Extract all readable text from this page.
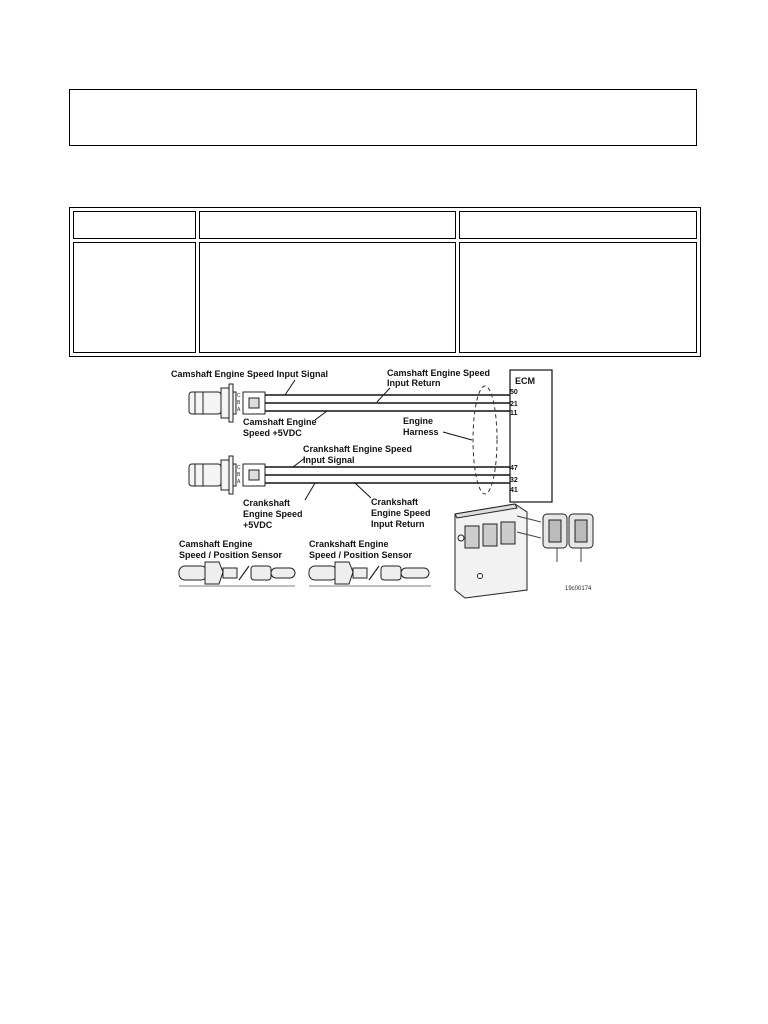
C
B
A
C
B
A
ECM
50
21
11
47
32
41
Camshaft Engine Speed Input Signal	Camshaft Engine Speed
Input Return
Camshaft Engine
Speed +5VDC
Engine
Harness
Crankshaft Engine Speed
Input Signal
Crankshaft
Engine Speed
+5VDC
Crankshaft
Engine Speed
Input Return
Camshaft Engine
Speed / Position Sensor
Crankshaft Engine
Speed / Position Sensor
19c00174
